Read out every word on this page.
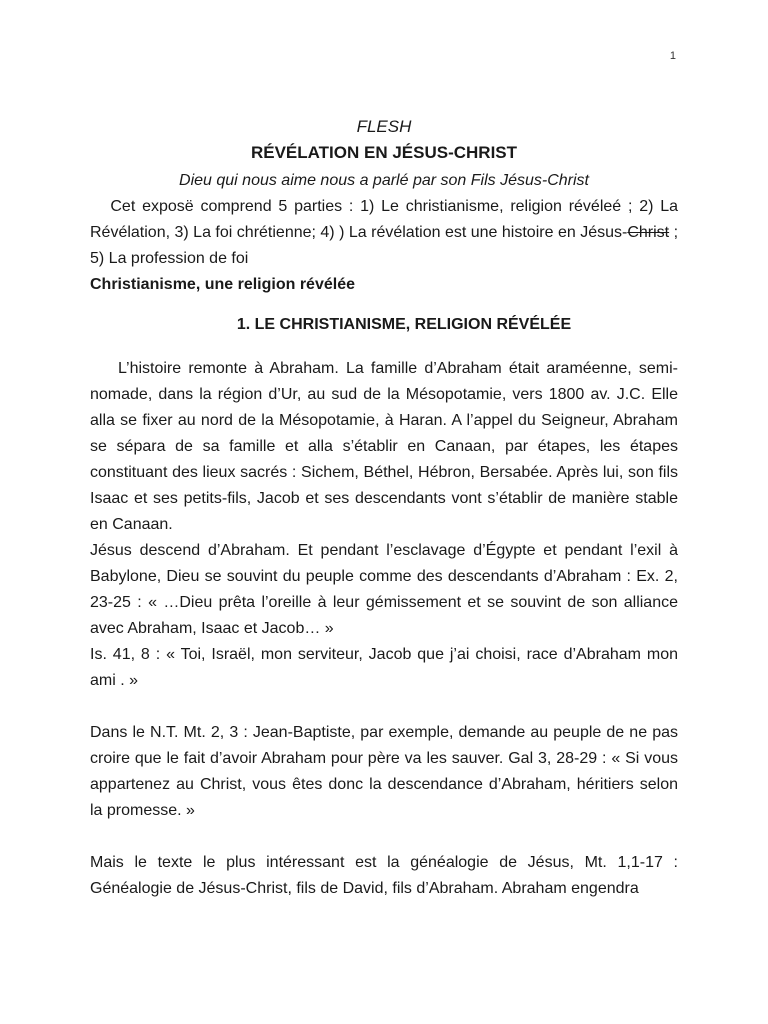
1

FLESH

RÉVÉLATION EN JÉSUS-CHRIST

Dieu qui nous aime nous a parlé par son Fils Jésus-Christ

Cet exposë comprend 5 parties : 1) Le christianisme, religion révéleé ; 2) La Révélation, 3) La foi chrétienne; 4) ) La révélation est une histoire en Jésus-Christ ; 5) La profession de foi

Christianisme, une religion révélée

1. LE CHRISTIANISME, RELIGION RÉVÉLÉE

L’histoire remonte à Abraham. La famille d’Abraham était araméenne, semi-nomade, dans la région d’Ur, au sud de la Mésopotamie, vers 1800 av. J.C. Elle alla se fixer au nord de la Mésopotamie, à Haran. A l’appel du Seigneur, Abraham se sépara de sa famille et alla s’établir en Canaan, par étapes, les étapes constituant des lieux sacrés : Sichem, Béthel, Hébron, Bersabée. Après lui, son fils Isaac et ses petits-fils, Jacob et ses descendants vont s’établir de manière stable en Canaan.

Jésus descend d’Abraham. Et pendant l’esclavage d’Égypte et pendant l’exil à Babylone, Dieu se souvint du peuple comme des descendants d’Abraham : Ex. 2, 23-25 : « …Dieu prêta l’oreille à leur gémissement et se souvint de son alliance avec Abraham, Isaac et Jacob… »

Is. 41, 8 : « Toi, Israël, mon serviteur, Jacob que j’ai choisi, race d’Abraham mon ami . »

Dans le N.T. Mt. 2, 3 : Jean-Baptiste, par exemple, demande au peuple de ne pas croire que le fait d’avoir Abraham pour père va les sauver. Gal 3, 28-29 : « Si vous appartenez au Christ, vous êtes donc la descendance d’Abraham, héritiers selon la promesse. »

Mais le texte le plus intéressant est la généalogie de Jésus, Mt. 1,1-17 : Généalogie de Jésus-Christ, fils de David, fils d’Abraham. Abraham engendra
